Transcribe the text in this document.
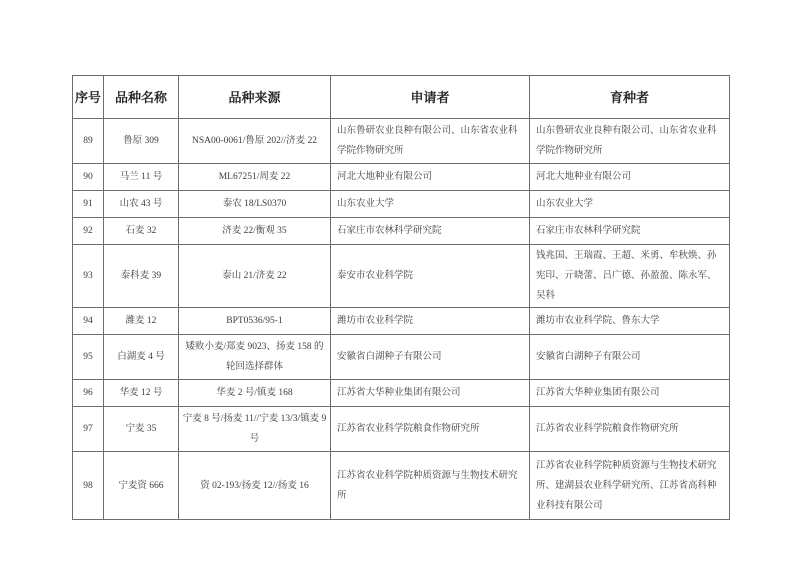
序号	品种名称	品种来源	申请者	育种者
89	鲁原 309	NSA00-0061/鲁原 202//济麦 22	山东鲁研农业良种有限公司、山东省农业科学院作物研究所	山东鲁研农业良种有限公司、山东省农业科学院作物研究所
90	马兰 11 号	ML67251/周麦 22	河北大地种业有限公司	河北大地种业有限公司
91	山农 43 号	泰农 18/LS0370	山东农业大学	山东农业大学
92	石麦 32	济麦 22/衡观 35	石家庄市农林科学研究院	石家庄市农林科学研究院
93	泰科麦 39	泰山 21/济麦 22	泰安市农业科学院	钱兆国、王瑞霞、王超、米勇、牟秋焕、孙宪印、亓晓蕾、吕广德、孙盈盈、陈永军、吴科
94	潍麦 12	BPT0536/95-1	潍坊市农业科学院	潍坊市农业科学院、鲁东大学
95	白湖麦 4 号	矮败小麦/郑麦 9023、扬麦 158 的轮回选择群体	安徽省白湖种子有限公司	安徽省白湖种子有限公司
96	华麦 12 号	华麦 2 号/镇麦 168	江苏省大华种业集团有限公司	江苏省大华种业集团有限公司
97	宁麦 35	宁麦 8 号/扬麦 11//宁麦 13/3/镇麦 9 号	江苏省农业科学院粮食作物研究所	江苏省农业科学院粮食作物研究所
98	宁麦资 666	资 02-193/扬麦 12//扬麦 16	江苏省农业科学院种质资源与生物技术研究所	江苏省农业科学院种质资源与生物技术研究所、建湖县农业科学研究所、江苏省高科种业科技有限公司
